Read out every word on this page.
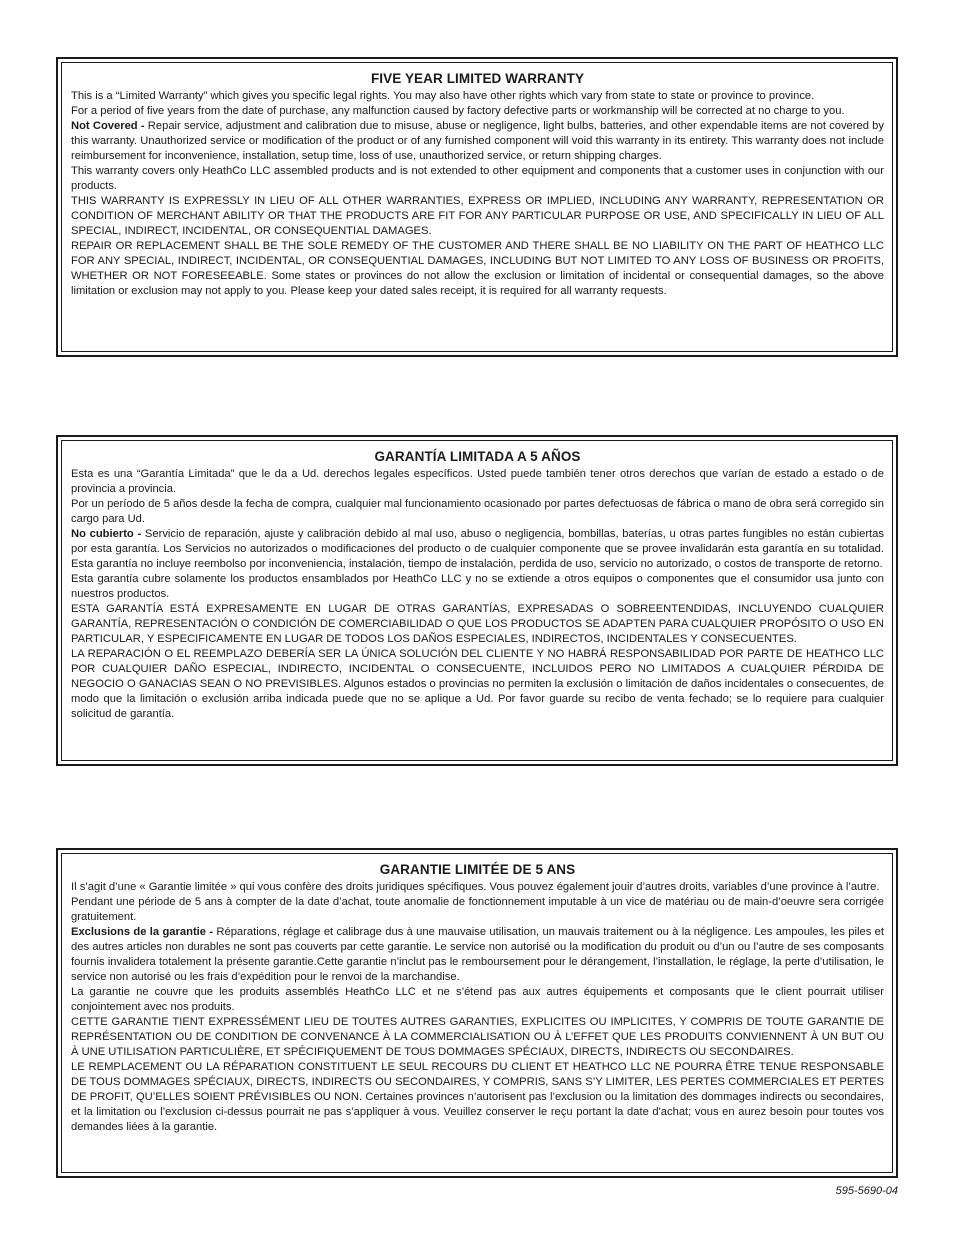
FIVE YEAR LIMITED WARRANTY

This is a “Limited Warranty” which gives you specific legal rights. You may also have other rights which vary from state to state or province to province.

For a period of five years from the date of purchase, any malfunction caused by factory defective parts or workmanship will be corrected at no charge to you.

Not Covered - Repair service, adjustment and calibration due to misuse, abuse or negligence, light bulbs, batteries, and other expendable items are not covered by this warranty. Unauthorized service or modification of the product or of any furnished component will void this warranty in its entirety. This warranty does not include reimbursement for inconvenience, installation, setup time, loss of use, unauthorized service, or return shipping charges.

This warranty covers only HeathCo LLC assembled products and is not extended to other equipment and components that a customer uses in conjunction with our products.

THIS WARRANTY IS EXPRESSLY IN LIEU OF ALL OTHER WARRANTIES, EXPRESS OR IMPLIED, INCLUDING ANY WARRANTY, REPRESENTATION OR CONDITION OF MERCHANT ABILITY OR THAT THE PRODUCTS ARE FIT FOR ANY PARTICULAR PURPOSE OR USE, AND SPECIFICALLY IN LIEU OF ALL SPECIAL, INDIRECT, INCIDENTAL, OR CONSEQUENTIAL DAMAGES.

REPAIR OR REPLACEMENT SHALL BE THE SOLE REMEDY OF THE CUSTOMER AND THERE SHALL BE NO LIABILITY ON THE PART OF HEATHCO LLC FOR ANY SPECIAL, INDIRECT, INCIDENTAL, OR CONSEQUENTIAL DAMAGES, INCLUDING BUT NOT LIMITED TO ANY LOSS OF BUSINESS OR PROFITS, WHETHER OR NOT FORESEEABLE. Some states or provinces do not allow the exclusion or limitation of incidental or consequential damages, so the above limitation or exclusion may not apply to you. Please keep your dated sales receipt, it is required for all warranty requests.

GARANTÍA LIMITADA A 5 AÑOS

Esta es una “Garantía Limitada” que le da a Ud. derechos legales específicos. Usted puede también tener otros derechos que varían de estado a estado o de provincia a provincia.

Por un período de 5 años desde la fecha de compra, cualquier mal funcionamiento ocasionado por partes defectuosas de fábrica o mano de obra será corregido sin cargo para Ud.

No cubierto - Servicio de reparación, ajuste y calibración debido al mal uso, abuso o negligencia, bombillas, baterías, u otras partes fungibles no están cubiertas por esta garantía. Los Servicios no autorizados o modificaciones del producto o de cualquier componente que se provee invalidarán esta garantía en su totalidad. Esta garantía no incluye reembolso por inconveniencia, instalación, tiempo de instalación, perdida de uso, servicio no autorizado, o costos de transporte de retorno.

Esta garantía cubre solamente los productos ensamblados por HeathCo LLC y no se extiende a otros equipos o componentes que el consumidor usa junto con nuestros productos.

ESTA GARANTÍA ESTÁ EXPRESAMENTE EN LUGAR DE OTRAS GARANTÍAS, EXPRESADAS O SOBREENTENDIDAS, INCLUYENDO CUALQUIER GARANTÍA, REPRESENTACIÓN O CONDICIÓN DE COMERCIABILIDAD O QUE LOS PRODUCTOS SE ADAPTEN PARA CUALQUIER PROPÓSITO O USO EN PARTICULAR, Y ESPECIFICAMENTE EN LUGAR DE TODOS LOS DAÑOS ESPECIALES, INDIRECTOS, INCIDENTALES Y CONSECUENTES.

LA REPARACIÓN O EL REEMPLAZO DEBERÍA SER LA ÚNICA SOLUCIÓN DEL CLIENTE Y NO HABRÁ RESPONSABILIDAD POR PARTE DE HEATHCO LLC POR CUALQUIER DAÑO ESPECIAL, INDIRECTO, INCIDENTAL O CONSECUENTE, INCLUIDOS PERO NO LIMITADOS A CUALQUIER PÉRDIDA DE NEGOCIO O GANACIAS SEAN O NO PREVISIBLES. Algunos estados o provincias no permiten la exclusión o limitación de daños incidentales o consecuentes, de modo que la limitación o exclusión arriba indicada puede que no se aplique a Ud. Por favor guarde su recibo de venta fechado; se lo requiere para cualquier solicitud de garantía.

GARANTIE LIMITÉE DE 5 ANS

Il s’agit d’une « Garantie limitée » qui vous confère des droits juridiques spécifiques. Vous pouvez également jouir d’autres droits, variables d’une province à l’autre.

Pendant une période de 5 ans à compter de la date d’achat, toute anomalie de fonctionnement imputable à un vice de matériau ou de main-d’oeuvre sera corrigée gratuitement.

Exclusions de la garantie - Réparations, réglage et calibrage dus à une mauvaise utilisation, un mauvais traitement ou à la négligence. Les ampoules, les piles et des autres articles non durables ne sont pas couverts par cette garantie. Le service non autorisé ou la modification du produit ou d’un ou l’autre de ses composants fournis invalidera totalement la présente garantie.Cette garantie n’inclut pas le remboursement pour le dérangement, l’installation, le réglage, la perte d’utilisation, le service non autorisé ou les frais d’expédition pour le renvoi de la marchandise.

La garantie ne couvre que les produits assemblés HeathCo LLC et ne s’étend pas aux autres équipements et composants que le client pourrait utiliser conjointement avec nos produits.

CETTE GARANTIE TIENT EXPRESSÉMENT LIEU DE TOUTES AUTRES GARANTIES, EXPLICITES OU IMPLICITES, Y COMPRIS DE TOUTE GARANTIE DE REPRÉSENTATION OU DE CONDITION DE CONVENANCE À LA COMMERCIALISATION OU À L’EFFET QUE LES PRODUITS CONVIENNENT À UN BUT OU À UNE UTILISATION PARTICULIÈRE, ET SPÉCIFIQUEMENT DE TOUS DOMMAGES SPÉCIAUX, DIRECTS, INDIRECTS OU SECONDAIRES.

LE REMPLACEMENT OU LA RÉPARATION CONSTITUENT LE SEUL RECOURS DU CLIENT ET HEATHCO LLC NE POURRA ÊTRE TENUE RESPONSABLE DE TOUS DOMMAGES SPÉCIAUX, DIRECTS, INDIRECTS OU SECONDAIRES, Y COMPRIS, SANS S’Y LIMITER, LES PERTES COMMERCIALES ET PERTES DE PROFIT, QU’ELLES SOIENT PRÉVISIBLES OU NON. Certaines provinces n’autorisent pas l’exclusion ou la limitation des dommages indirects ou secondaires, et la limitation ou l’exclusion ci-dessus pourrait ne pas s’appliquer à vous. Veuillez conserver le reçu portant la date d'achat; vous en aurez besoin pour toutes vos demandes liées à la garantie.

595-5690-04
